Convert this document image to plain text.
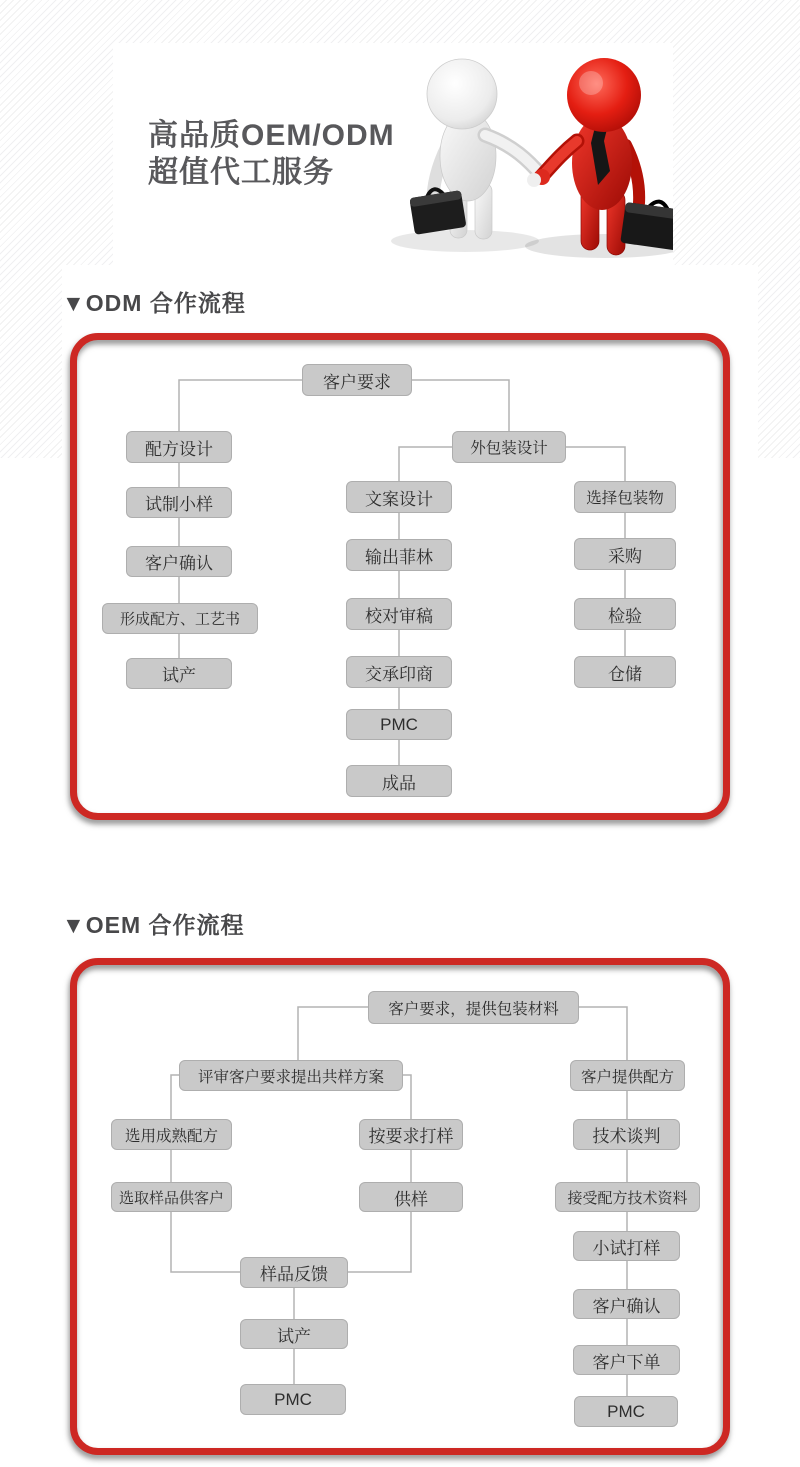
高品质OEM/ODM
超值代工服务
▼ODM 合作流程
客户要求
配方设计
试制小样
客户确认
形成配方、工艺书
试产
外包装设计
文案设计
输出菲林
校对审稿
交承印商
PMC
成品
选择包装物
采购
检验
仓储
▼OEM 合作流程
客户要求，提供包装材料
评审客户要求提出共样方案	客户提供配方
选用成熟配方	按要求打样	技术谈判
选取样品供客户	供样	接受配方技术资料
小试打样
样品反馈
客户确认
试产
客户下单
PMC
PMC
